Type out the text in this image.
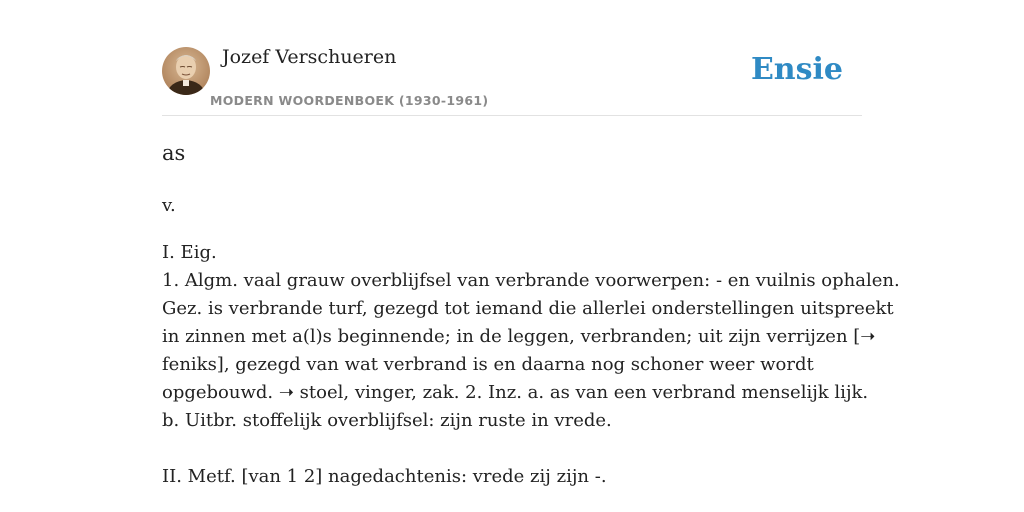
Jozef Verschueren
MODERN WOORDENBOEK (1930-1961)
Ensie
as
v.

I. Eig.

1. Algm. vaal grauw overblijfsel van verbrande voorwerpen: - en vuilnis ophalen.

Gez. is verbrande turf, gezegd tot iemand die allerlei onderstellingen uitspreekt

in zinnen met a(l)s beginnende; in de leggen, verbranden; uit zijn verrijzen [➝

feniks], gezegd van wat verbrand is en daarna nog schoner weer wordt

opgebouwd. ➝ stoel, vinger, zak. 2. Inz. a. as van een verbrand menselijk lijk.

b. Uitbr. stoffelijk overblijfsel: zijn ruste in vrede.

II. Metf. [van 1 2] nagedachtenis: vrede zij zijn -.
